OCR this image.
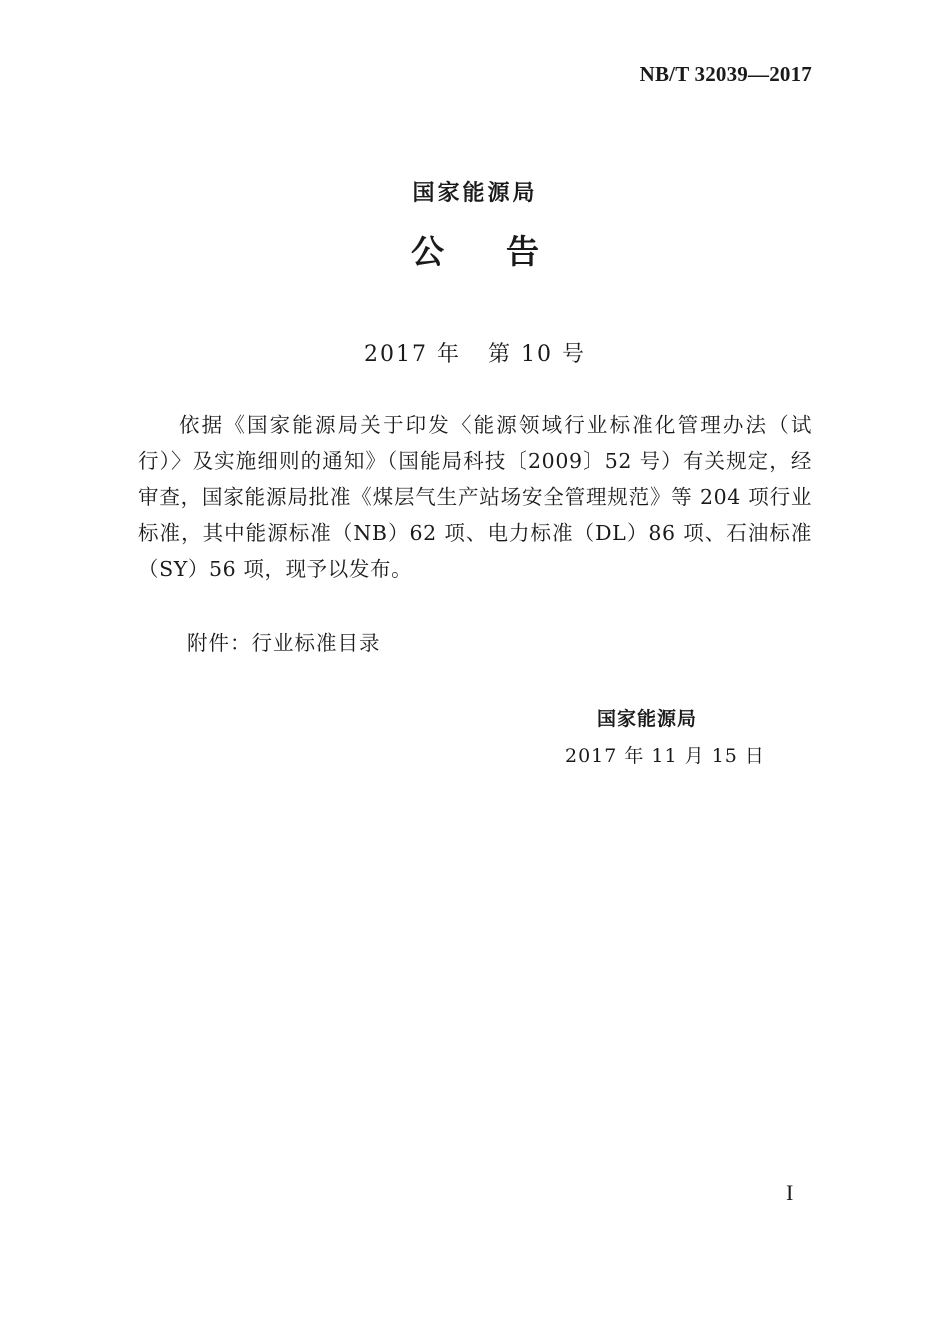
NB/T 32039—2017
国家能源局
公 告
2017 年   第 10 号
依据《国家能源局关于印发〈能源领域行业标准化管理办法（试行）〉及实施细则的通知》（国能局科技〔2009〕52 号）有关规定，经审查，国家能源局批准《煤层气生产站场安全管理规范》等 204 项行业标准，其中能源标准（NB）62 项、电力标准（DL）86 项、石油标准（SY）56 项，现予以发布。
附件：行业标准目录
国家能源局
2017 年 11 月 15 日
I
